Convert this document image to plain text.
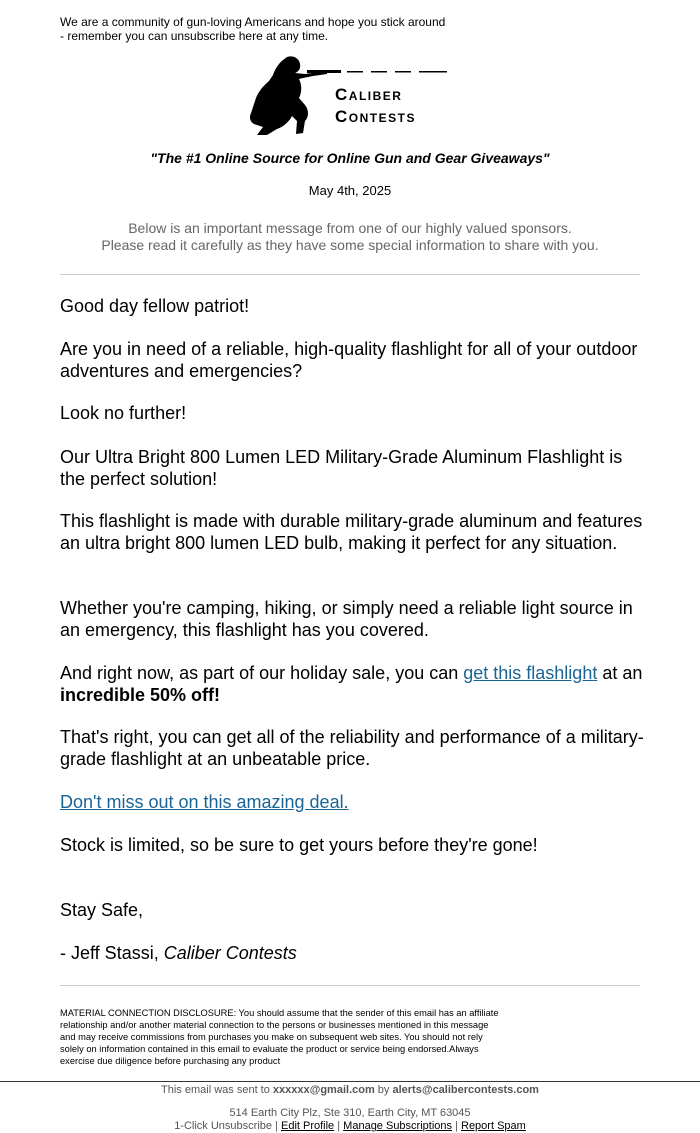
We are a community of gun-loving Americans and hope you stick around
- remember you can unsubscribe here at any time.
Caliber
Contests
"The #1 Online Source for Online Gun and Gear Giveaways"
May 4th, 2025
Below is an important message from one of our highly valued sponsors.
Please read it carefully as they have some special information to share with you.
Good day fellow patriot!
Are you in need of a reliable, high-quality flashlight for all of your outdoor adventures and emergencies?
Look no further!
Our Ultra Bright 800 Lumen LED Military-Grade Aluminum Flashlight is the perfect solution!
This flashlight is made with durable military-grade aluminum and features an ultra bright 800 lumen LED bulb, making it perfect for any situation.
Whether you're camping, hiking, or simply need a reliable light source in an emergency, this flashlight has you covered.
And right now, as part of our holiday sale, you can get this flashlight at an incredible 50% off!
That's right, you can get all of the reliability and performance of a military-grade flashlight at an unbeatable price.
Don't miss out on this amazing deal.
Stock is limited, so be sure to get yours before they're gone!
Stay Safe,
- Jeff Stassi, Caliber Contests
MATERIAL CONNECTION DISCLOSURE: You should assume that the sender of this email has an affiliate relationship and/or another material connection to the persons or businesses mentioned in this message and may receive commissions from purchases you make on subsequent web sites. You should not rely solely on information contained in this email to evaluate the product or service being endorsed.Always exercise due diligence before purchasing any product
This email was sent to xxxxxx@gmail.com by alerts@calibercontests.com
514 Earth City Plz, Ste 310, Earth City, MT 63045
1-Click Unsubscribe | Edit Profile | Manage Subscriptions | Report Spam
